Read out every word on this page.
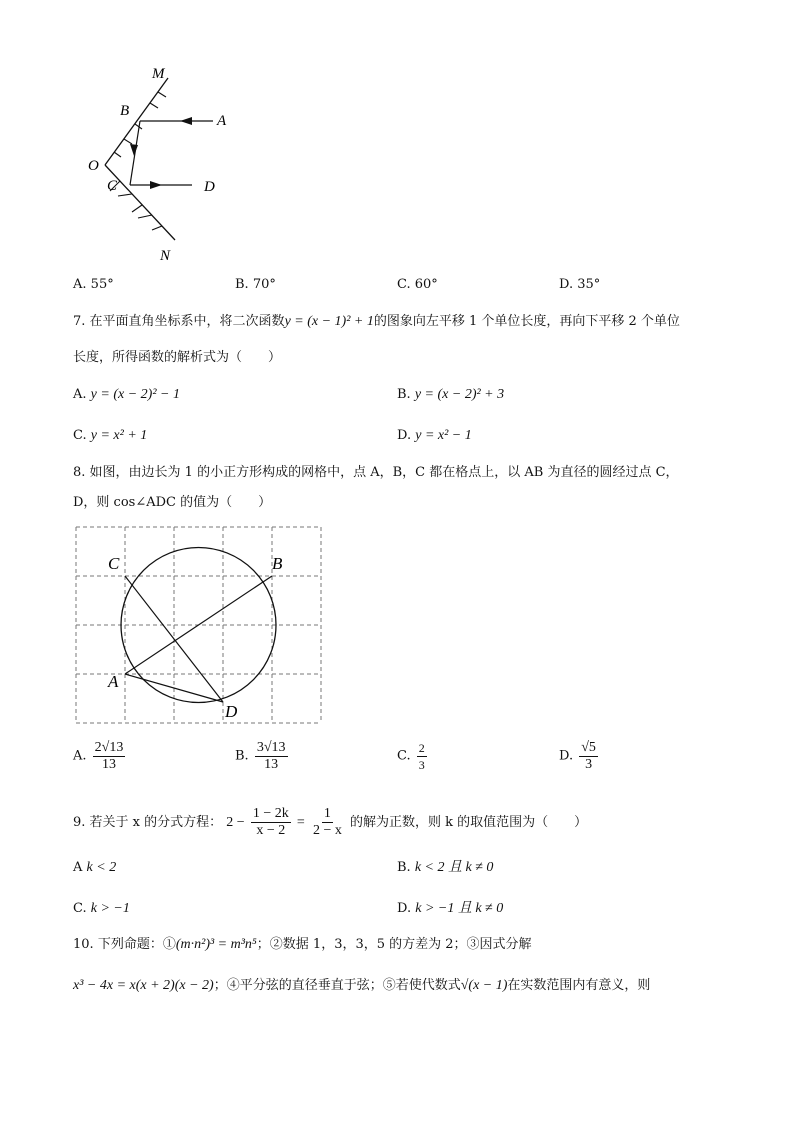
M
B
A
O
C	D
N
A. 55°	B. 70°	C. 60°	D. 35°
7. 在平面直角坐标系中，将二次函数y = (x − 1)² + 1的图象向左平移 1 个单位长度，再向下平移 2 个单位
长度，所得函数的解析式为（　　）
A. y = (x − 2)² − 1	B. y = (x − 2)² + 3
C. y = x² + 1	D. y = x² − 1
8. 如图，由边长为 1 的小正方形构成的网格中，点 A，B，C 都在格点上，以 AB 为直径的圆经过点 C，
D，则 cos∠ADC 的值为（　　）
C	B
A
D
A. $\frac{2√13}{13}$	B. $\frac{3√13}{13}$	C. $\frac{2}{3}$	D. $\frac{√5}{3}$
9. 若关于 x 的分式方程： $2 - \frac{1 - 2k}{x - 2} = \frac{1}{2 - x}$ 的解为正数，则 k 的取值范围为（　　）
A k < 2	B. k < 2 且 k ≠ 0
C. k > −1	D. k > −1 且 k ≠ 0
10. 下列命题：①(m·n²)³ = m³n⁵；②数据 1，3，3，5 的方差为 2；③因式分解
x³ − 4x = x(x + 2)(x − 2)；④平分弦的直径垂直于弦；⑤若使代数式√(x − 1)在实数范围内有意义，则
